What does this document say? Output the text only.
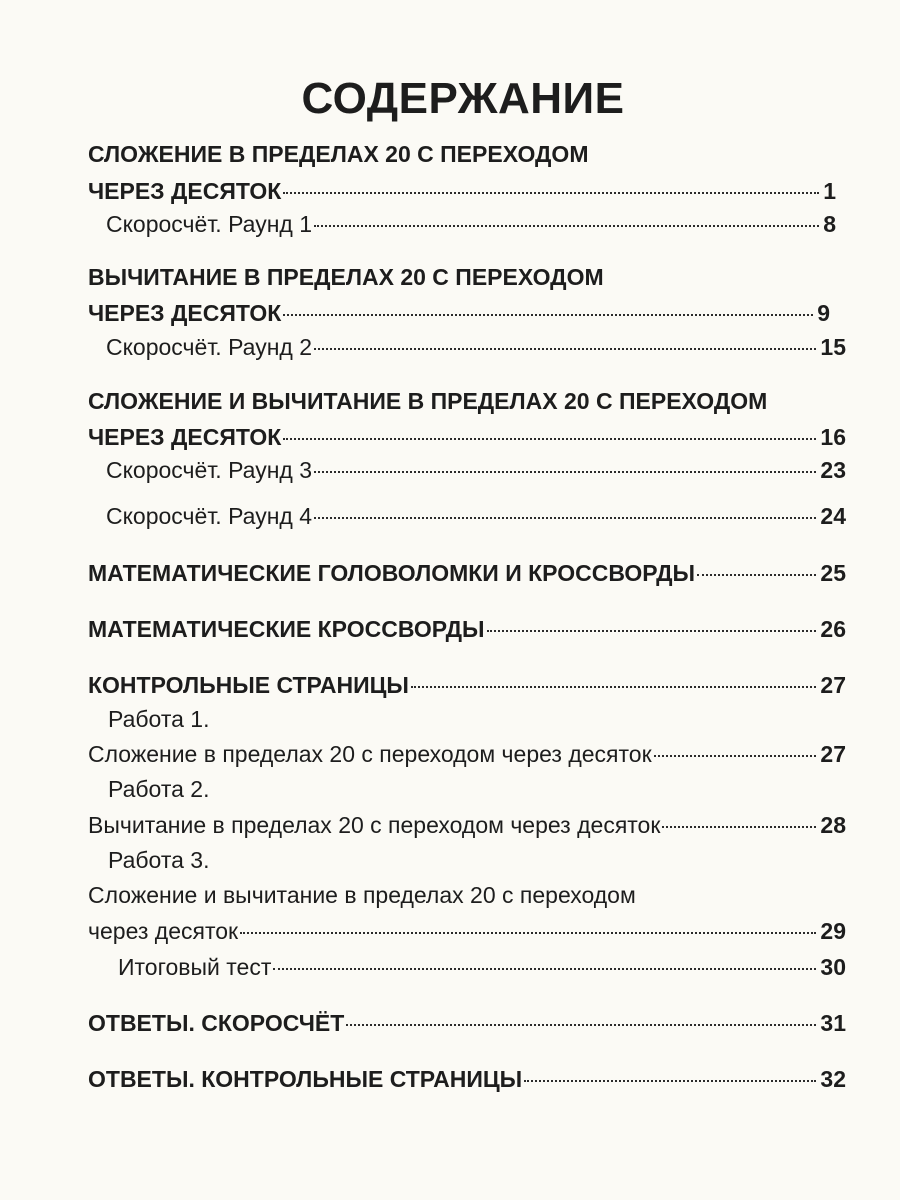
СОДЕРЖАНИЕ
СЛОЖЕНИЕ В ПРЕДЕЛАХ 20 С ПЕРЕХОДОМ
ЧЕРЕЗ ДЕСЯТОК	1
Скоросчёт. Раунд 1	8
ВЫЧИТАНИЕ В ПРЕДЕЛАХ 20 С ПЕРЕХОДОМ
ЧЕРЕЗ ДЕСЯТОК	9
Скоросчёт. Раунд 2	15
СЛОЖЕНИЕ И ВЫЧИТАНИЕ В ПРЕДЕЛАХ 20 С ПЕРЕХОДОМ
ЧЕРЕЗ ДЕСЯТОК	16
Скоросчёт. Раунд 3	23
Скоросчёт. Раунд 4	24
МАТЕМАТИЧЕСКИЕ ГОЛОВОЛОМКИ И КРОССВОРДЫ	25
МАТЕМАТИЧЕСКИЕ КРОССВОРДЫ	26
КОНТРОЛЬНЫЕ СТРАНИЦЫ	27
Работа 1.
Сложение в пределах 20 с переходом через десяток	27
Работа 2.
Вычитание в пределах 20 с переходом через десяток	28
Работа 3.
Сложение и вычитание в пределах 20 с переходом
через десяток	29
Итоговый тест	30
ОТВЕТЫ. СКОРОСЧЁТ	31
ОТВЕТЫ. КОНТРОЛЬНЫЕ СТРАНИЦЫ	32
